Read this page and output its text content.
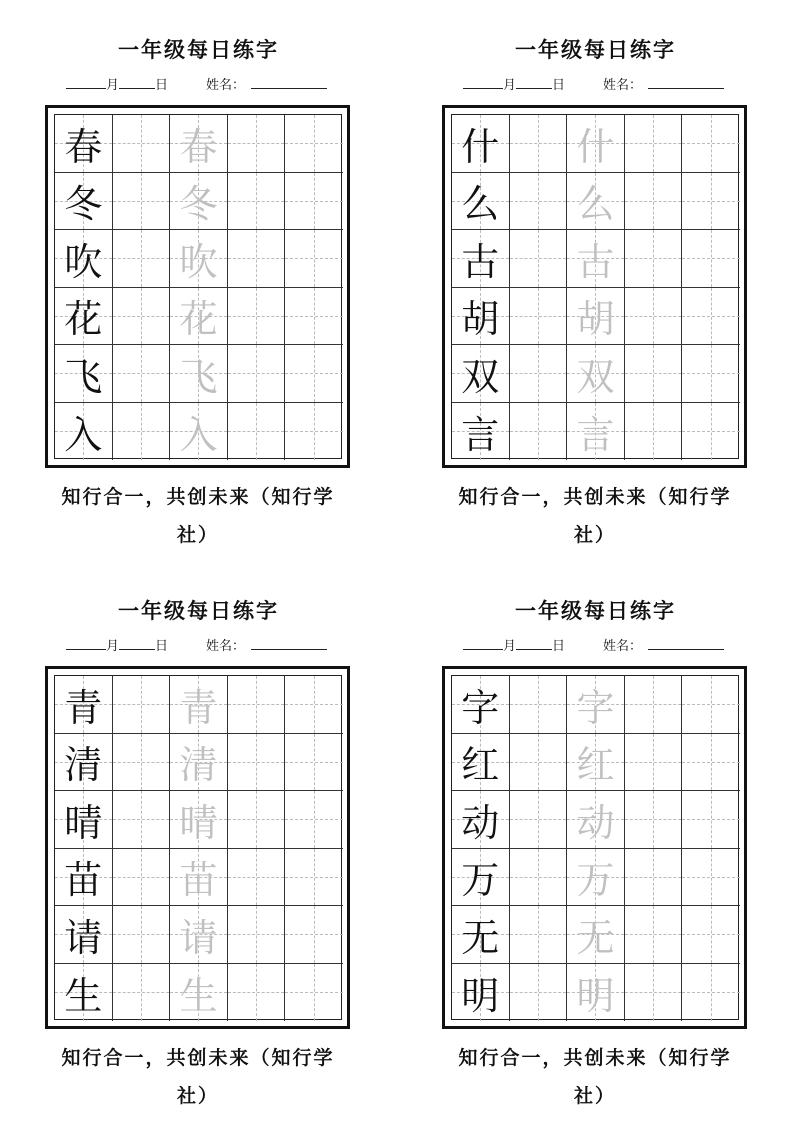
一年级每日练字
月	日	姓名：
春 春
冬 冬
吹 吹
花 花
飞 飞
入 入
知行合一，共创未来（知行学社）
一年级每日练字
月	日	姓名：
什 什
么 么
古 古
胡 胡
双 双
言 言
知行合一，共创未来（知行学社）
一年级每日练字
月	日	姓名：
青 青
清 清
晴 晴
苗 苗
请 请
生 生
知行合一，共创未来（知行学社）
一年级每日练字
月	日	姓名：
字 字
红 红
动 动
万 万
无 无
明 明
知行合一，共创未来（知行学社）
